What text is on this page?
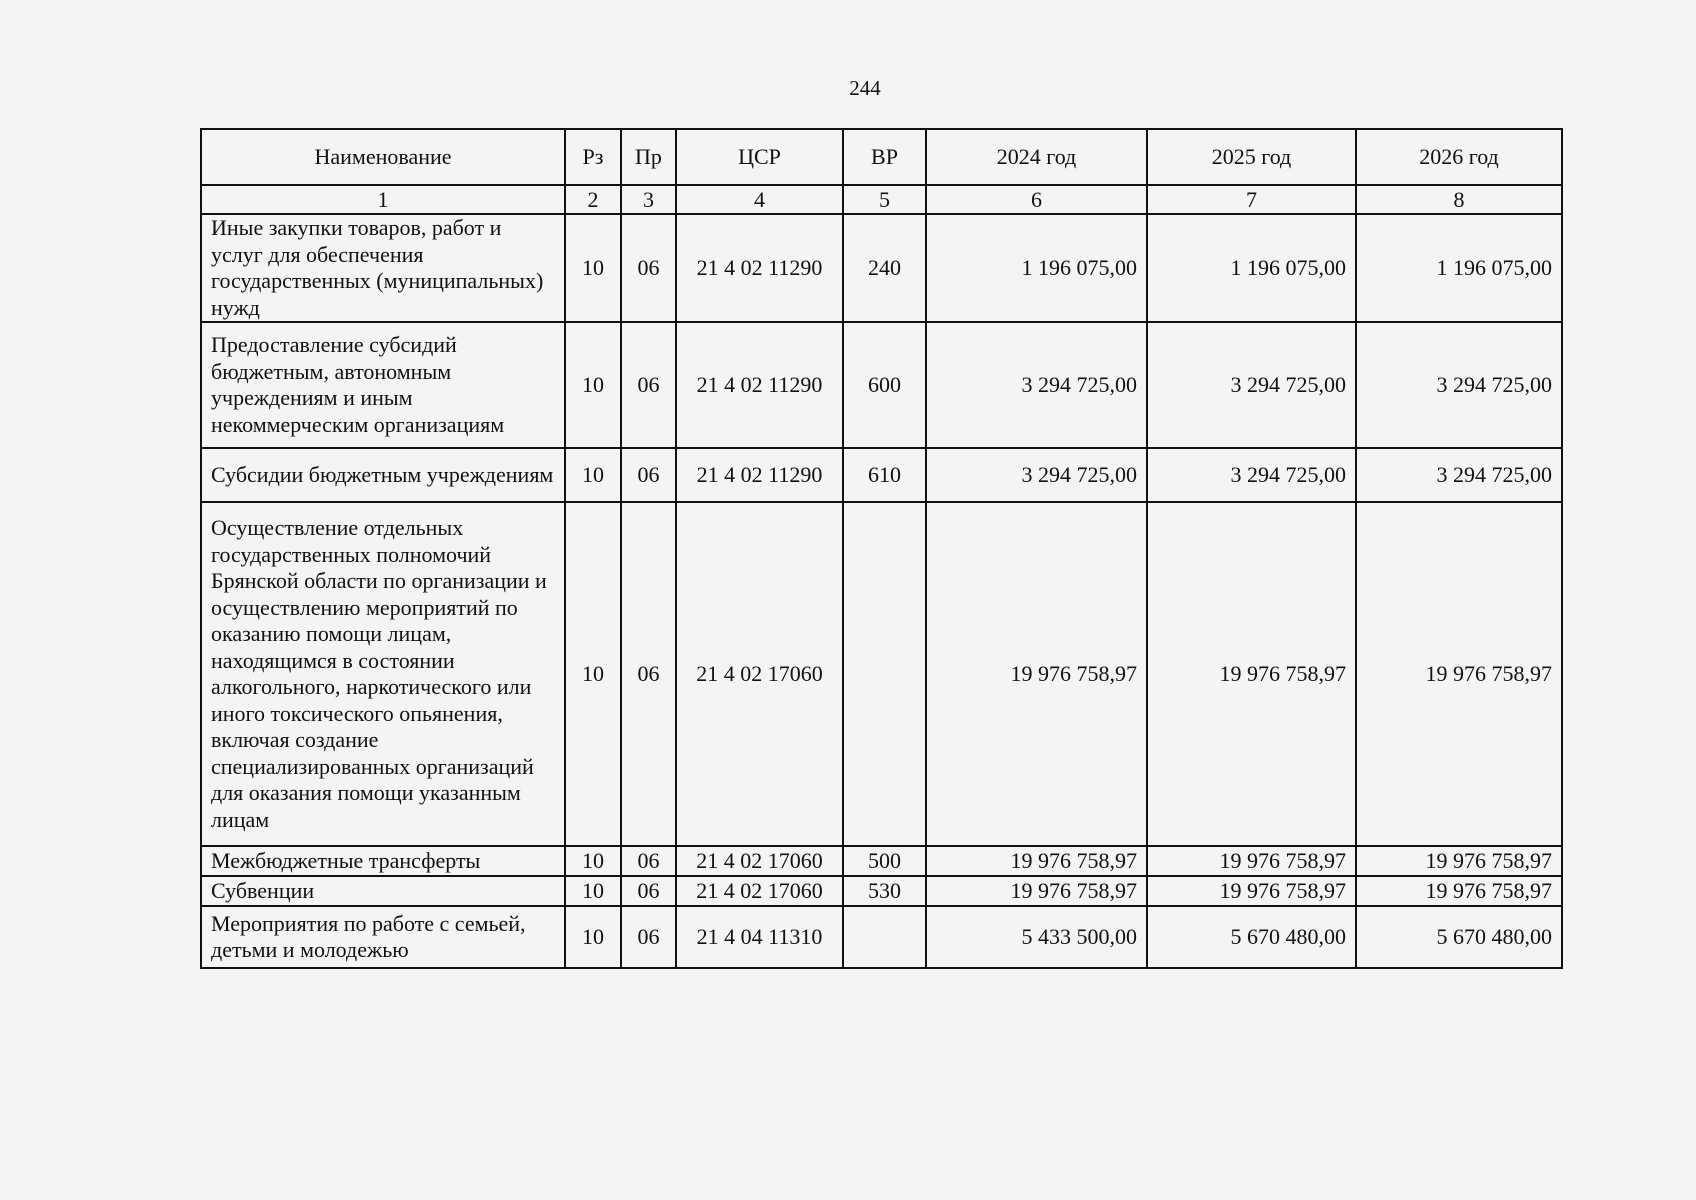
244
Наименование	Рз	Пр	ЦСР	ВР	2024 год	2025 год	2026 год
1	2	3	4	5	6	7	8
Иные закупки товаров, работ и услуг для обеспечения государственных (муниципальных) нужд	10	06	21 4 02 11290	240	1 196 075,00	1 196 075,00	1 196 075,00
Предоставление субсидий бюджетным, автономным учреждениям и иным некоммерческим организациям	10	06	21 4 02 11290	600	3 294 725,00	3 294 725,00	3 294 725,00
Субсидии бюджетным учреждениям	10	06	21 4 02 11290	610	3 294 725,00	3 294 725,00	3 294 725,00
Осуществление отдельных государственных полномочий Брянской области по организации и осуществлению мероприятий по оказанию помощи лицам, находящимся в состоянии алкогольного, наркотического или иного токсического опьянения, включая создание специализированных организаций для оказания помощи указанным лицам	10	06	21 4 02 17060		19 976 758,97	19 976 758,97	19 976 758,97
Межбюджетные трансферты	10	06	21 4 02 17060	500	19 976 758,97	19 976 758,97	19 976 758,97
Субвенции	10	06	21 4 02 17060	530	19 976 758,97	19 976 758,97	19 976 758,97
Мероприятия по работе с семьей, детьми и молодежью	10	06	21 4 04 11310		5 433 500,00	5 670 480,00	5 670 480,00
